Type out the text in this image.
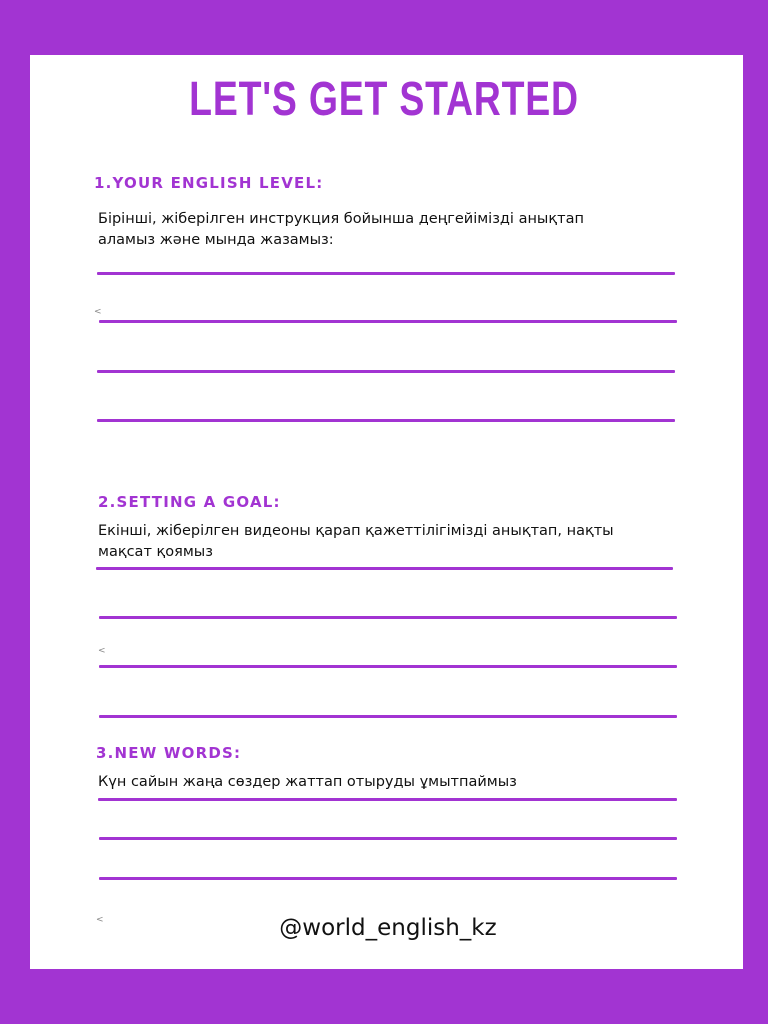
LET'S GET STARTED
1.YOUR ENGLISH LEVEL:

Бірінші, жіберілген инструкция бойынша деңгейімізді анықтап аламыз және мында жазамыз:

<
2.SETTING A GOAL:

Екінші, жіберілген видеоны қарап қажеттілігімізді анықтап, нақты мақсат қоямыз

<
3.NEW WORDS:

Күн сайын жаңа сөздер жаттап отыруды ұмытпаймыз

<	@world_english_kz
